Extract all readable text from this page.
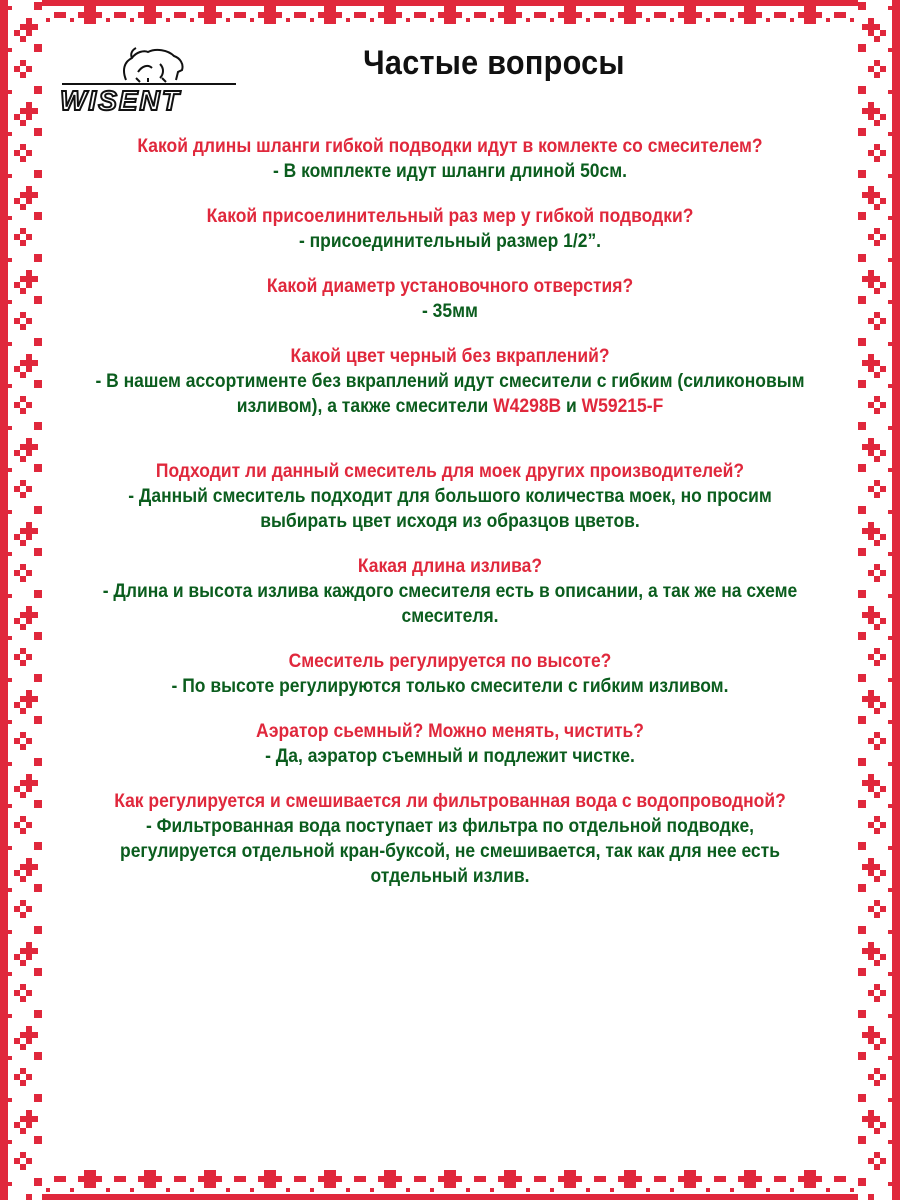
WISENT
Частые вопросы
Какой длины шланги гибкой подводки идут в комлекте со смесителем?
- В комплекте идут шланги длиной 50см.
Какой присоелинительный раз мер у гибкой подводки?
- присоединительный размер 1/2”.
Какой диаметр установочного отверстия?
- 35мм
Какой цвет черный без вкраплений?
- В нашем ассортименте без вкраплений идут смесители с гибким (силиконовым
изливом), а также смесители W4298B и W59215-F
Подходит ли данный смеситель для моек других производителей?
- Данный смеситель подходит для большого количества моек, но просим
выбирать цвет исходя из образцов цветов.
Какая длина излива?
- Длина и высота излива каждого смесителя есть в описании, а так же на схеме
смесителя.
Смеситель регулируется по высоте?
- По высоте регулируются только смесители с гибким изливом.
Аэратор сьемный? Можно менять, чистить?
- Да, аэратор съемный и подлежит чистке.
Как регулируется и смешивается ли фильтрованная вода с водопроводной?
- Фильтрованная вода поступает из фильтра по отдельной подводке,
регулируется отдельной кран-буксой, не смешивается, так как для нее есть
отдельный излив.
